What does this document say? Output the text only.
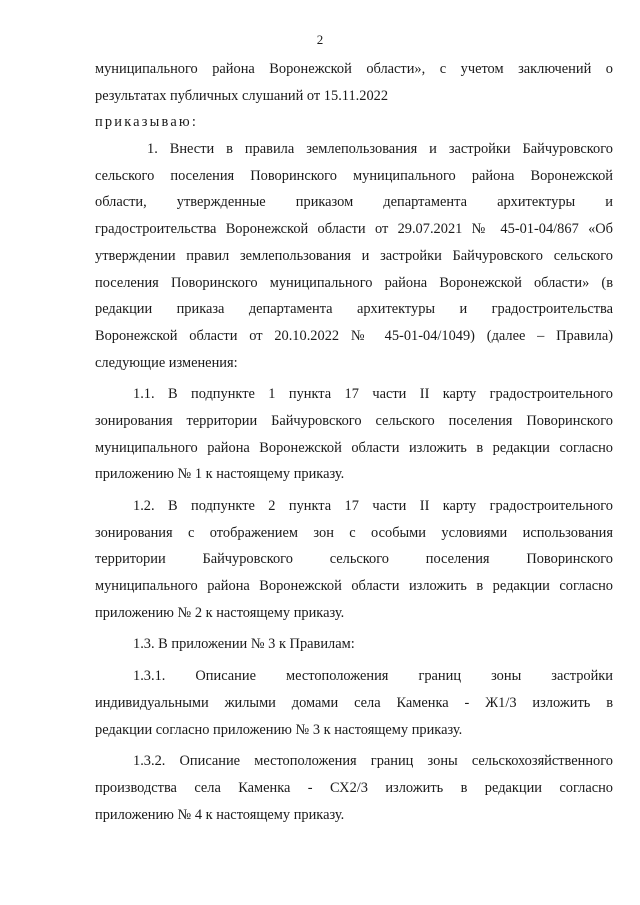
2
муниципального района Воронежской области», с учетом заключений о
результатах публичных слушаний от 15.11.2022
приказываю:
1. Внести в правила землепользования и застройки Байчуровского
сельского поселения Поворинского муниципального района Воронежской
области, утвержденные приказом департамента архитектуры и
градостроительства Воронежской области от 29.07.2021 № 45-01-04/867 «Об
утверждении правил землепользования и застройки Байчуровского сельского
поселения Поворинского муниципального района Воронежской области» (в
редакции приказа департамента архитектуры и градостроительства
Воронежской области от 20.10.2022 № 45-01-04/1049) (далее – Правила)
следующие изменения:
1.1. В подпункте 1 пункта 17 части II карту градостроительного
зонирования территории Байчуровского сельского поселения Поворинского
муниципального района Воронежской области изложить в редакции согласно
приложению № 1 к настоящему приказу.
1.2. В подпункте 2 пункта 17 части II карту градостроительного
зонирования с отображением зон с особыми условиями использования
территории Байчуровского сельского поселения Поворинского
муниципального района Воронежской области изложить в редакции согласно
приложению № 2 к настоящему приказу.
1.3. В приложении № 3 к Правилам:
1.3.1. Описание местоположения границ зоны застройки
индивидуальными жилыми домами села Каменка - Ж1/3 изложить в
редакции согласно приложению № 3 к настоящему приказу.
1.3.2. Описание местоположения границ зоны сельскохозяйственного
производства села Каменка - СХ2/3 изложить в редакции согласно
приложению № 4 к настоящему приказу.
